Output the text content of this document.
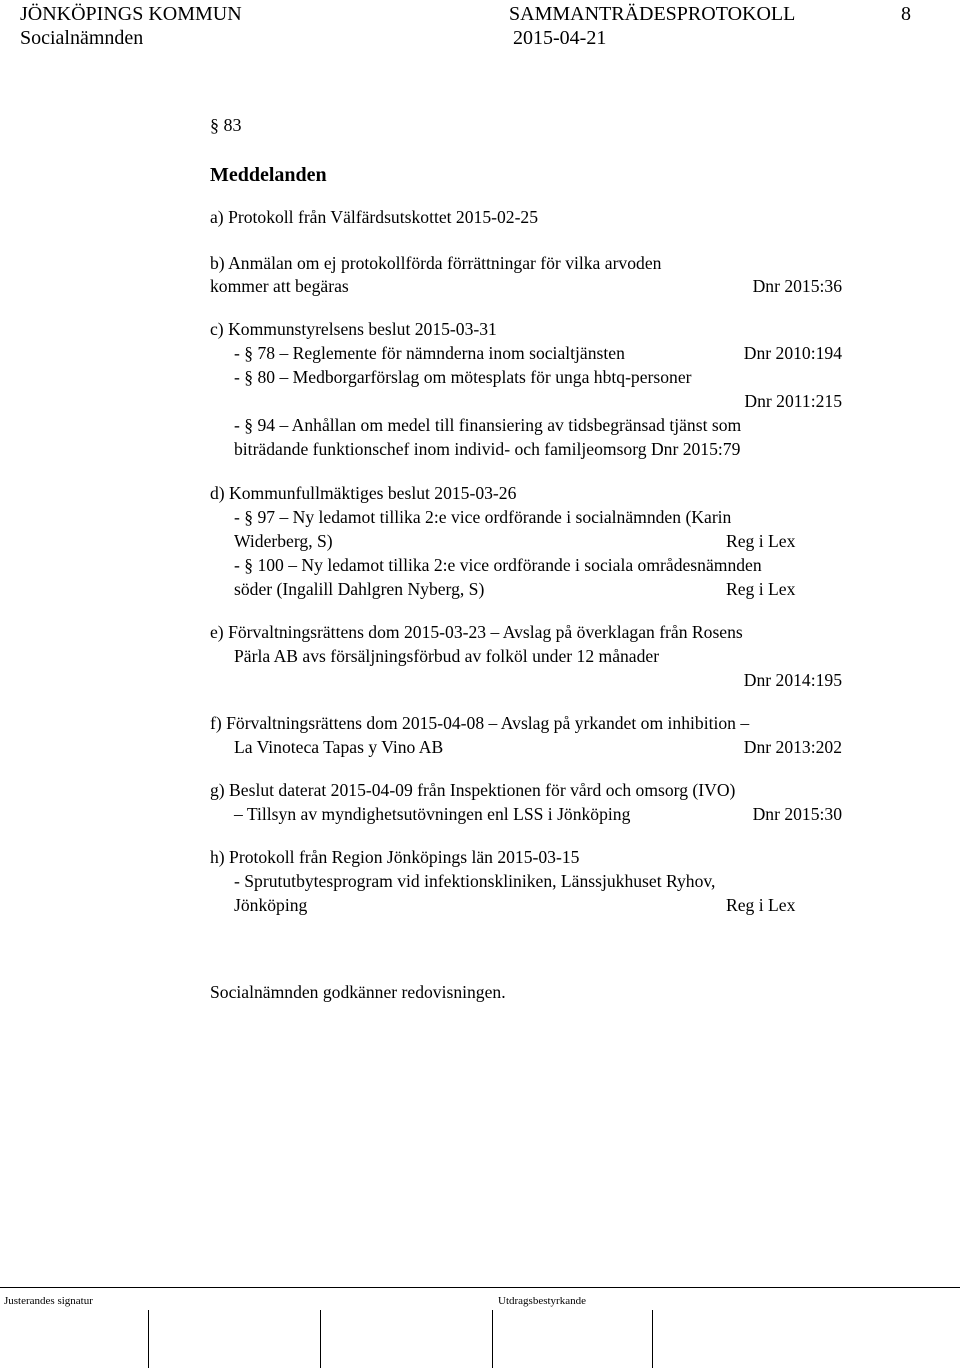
JÖNKÖPINGS KOMMUN	SAMMANTRÄDESPROTOKOLL	8
Socialnämnden	2015-04-21
§ 83
Meddelanden
a) Protokoll från Välfärdsutskottet 2015-02-25
b) Anmälan om ej protokollförda förrättningar för vilka arvoden
kommer att begäras	Dnr 2015:36
c) Kommunstyrelsens beslut 2015-03-31
- § 78 – Reglemente för nämnderna inom socialtjänsten	Dnr 2010:194
- § 80 – Medborgarförslag om mötesplats för unga hbtq-personer
Dnr 2011:215
- § 94 – Anhållan om medel till finansiering av tidsbegränsad tjänst som
biträdande funktionschef inom individ- och familjeomsorg Dnr 2015:79
d) Kommunfullmäktiges beslut 2015-03-26
- § 97 – Ny ledamot tillika 2:e vice ordförande i socialnämnden (Karin
Widerberg, S)	Reg i Lex
- § 100 – Ny ledamot tillika 2:e vice ordförande i sociala områdesnämnden
söder (Ingalill Dahlgren Nyberg, S)	Reg i Lex
e) Förvaltningsrättens dom 2015-03-23 – Avslag på överklagan från Rosens
Pärla AB avs försäljningsförbud av folköl under 12 månader
Dnr 2014:195
f) Förvaltningsrättens dom 2015-04-08 – Avslag på yrkandet om inhibition –
La Vinoteca Tapas y Vino AB	Dnr 2013:202
g) Beslut daterat 2015-04-09 från Inspektionen för vård och omsorg (IVO)
– Tillsyn av myndighetsutövningen enl LSS i Jönköping	Dnr 2015:30
h) Protokoll från Region Jönköpings län 2015-03-15
- Sprututbytesprogram vid infektionskliniken, Länssjukhuset Ryhov,
Jönköping	Reg i Lex
Socialnämnden godkänner redovisningen.
Justerandes signatur	Utdragsbestyrkande
